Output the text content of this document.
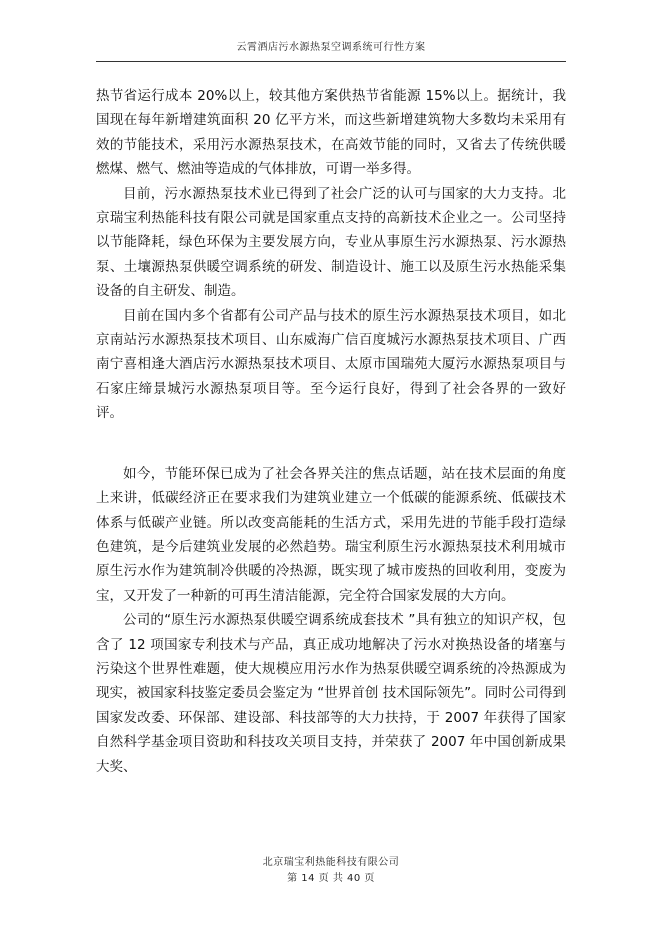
云霄酒店污水源热泵空调系统可行性方案

热节省运行成本 20%以上，较其他方案供热节省能源 15%以上。据统计，我国现在每年新增建筑面积 20 亿平方米，而这些新增建筑物大多数均未采用有效的节能技术，采用污水源热泵技术，在高效节能的同时，又省去了传统供暖燃煤、燃气、燃油等造成的气体排放，可谓一举多得。

目前，污水源热泵技术业已得到了社会广泛的认可与国家的大力支持。北京瑞宝利热能科技有限公司就是国家重点支持的高新技术企业之一。公司坚持以节能降耗，绿色环保为主要发展方向，专业从事原生污水源热泵、污水源热泵、土壤源热泵供暖空调系统的研发、制造设计、施工以及原生污水热能采集设备的自主研发、制造。

目前在国内多个省都有公司产品与技术的原生污水源热泵技术项目，如北京南站污水源热泵技术项目、山东威海广信百度城污水源热泵技术项目、广西南宁喜相逢大酒店污水源热泵技术项目、太原市国瑞苑大厦污水源热泵项目与石家庄缔景城污水源热泵项目等。至今运行良好，得到了社会各界的一致好评。

如今，节能环保已成为了社会各界关注的焦点话题，站在技术层面的角度上来讲，低碳经济正在要求我们为建筑业建立一个低碳的能源系统、低碳技术体系与低碳产业链。所以改变高能耗的生活方式，采用先进的节能手段打造绿色建筑，是今后建筑业发展的必然趋势。瑞宝利原生污水源热泵技术利用城市原生污水作为建筑制冷供暖的冷热源，既实现了城市废热的回收利用，变废为宝，又开发了一种新的可再生清洁能源，完全符合国家发展的大方向。

公司的“原生污水源热泵供暖空调系统成套技术 ”具有独立的知识产权，包含了 12 项国家专利技术与产品，真正成功地解决了污水对换热设备的堵塞与污染这个世界性难题，使大规模应用污水作为热泵供暖空调系统的冷热源成为现实，被国家科技鉴定委员会鉴定为 “世界首创 技术国际领先”。同时公司得到国家发改委、环保部、建设部、科技部等的大力扶持，于 2007 年获得了国家自然科学基金项目资助和科技攻关项目支持，并荣获了 2007 年中国创新成果大奖、

北京瑞宝利热能科技有限公司
第 14 页 共 40 页
